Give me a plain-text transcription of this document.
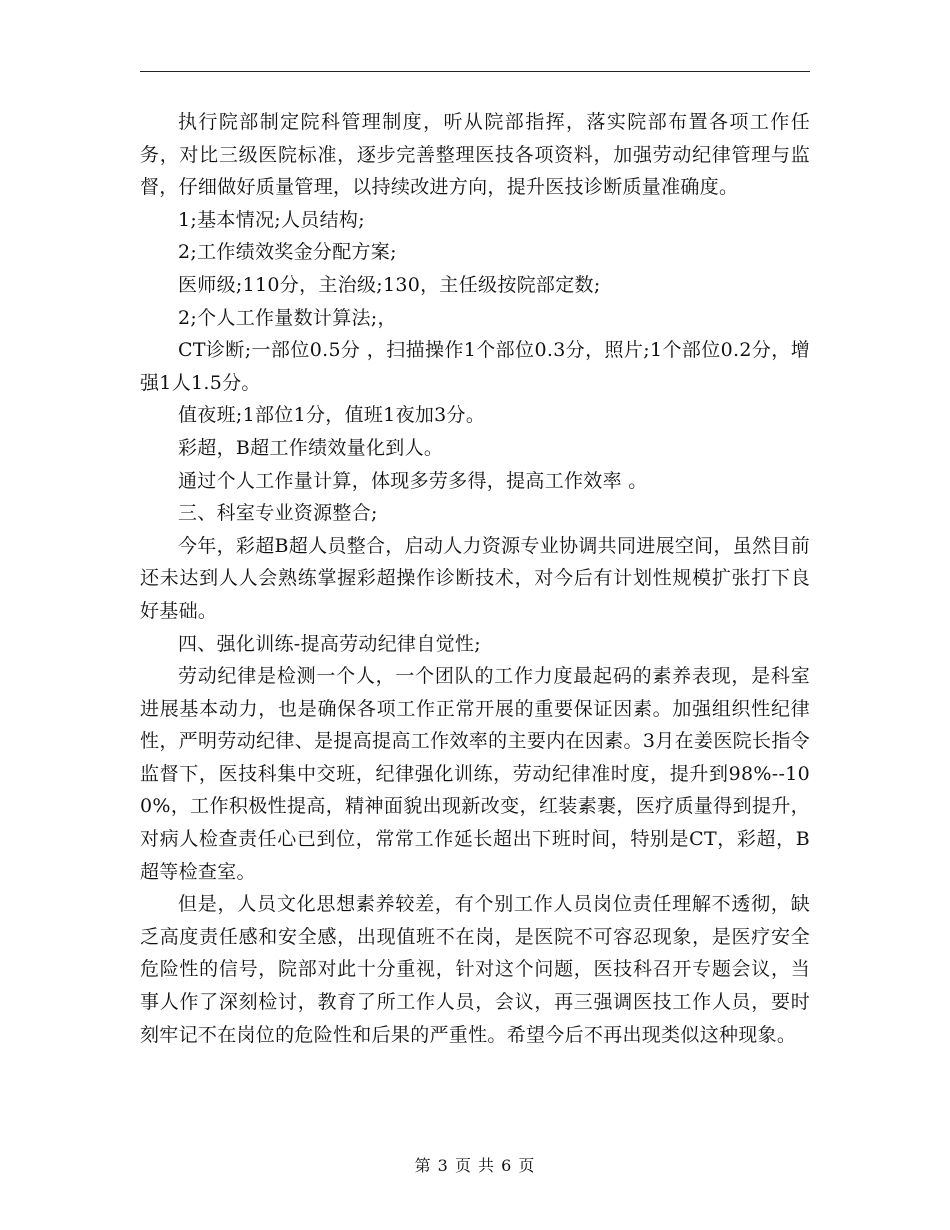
执行院部制定院科管理制度，听从院部指挥，落实院部布置各项工作任务，对比三级医院标准，逐步完善整理医技各项资料，加强劳动纪律管理与监督，仔细做好质量管理，以持续改进方向，提升医技诊断质量准确度。

1;基本情况;人员结构;

2;工作绩效奖金分配方案;

医师级;110分，主治级;130，主任级按院部定数;

2;个人工作量数计算法;，

CT诊断;一部位0.5分 ，扫描操作1个部位0.3分，照片;1个部位0.2分，增强1人1.5分。

值夜班;1部位1分，值班1夜加3分。

彩超，B超工作绩效量化到人。

通过个人工作量计算，体现多劳多得，提高工作效率 。

三、科室专业资源整合;

今年，彩超B超人员整合，启动人力资源专业协调共同进展空间，虽然目前还未达到人人会熟练掌握彩超操作诊断技术，对今后有计划性规模扩张打下良好基础。

四、强化训练-提高劳动纪律自觉性;

劳动纪律是检测一个人，一个团队的工作力度最起码的素养表现，是科室进展基本动力，也是确保各项工作正常开展的重要保证因素。加强组织性纪律性，严明劳动纪律、是提高提高工作效率的主要内在因素。3月在姜医院长指令监督下，医技科集中交班，纪律强化训练，劳动纪律准时度，提升到98%--100%，工作积极性提高，精神面貌出现新改变，红装素裹，医疗质量得到提升，对病人检查责任心已到位，常常工作延长超出下班时间，特别是CT，彩超，B超等检查室。

但是，人员文化思想素养较差，有个别工作人员岗位责任理解不透彻，缺乏高度责任感和安全感，出现值班不在岗，是医院不可容忍现象，是医疗安全危险性的信号，院部对此十分重视，针对这个问题，医技科召开专题会议，当事人作了深刻检讨，教育了所工作人员，会议，再三强调医技工作人员，要时刻牢记不在岗位的危险性和后果的严重性。希望今后不再出现类似这种现象。

第 3 页 共 6 页
